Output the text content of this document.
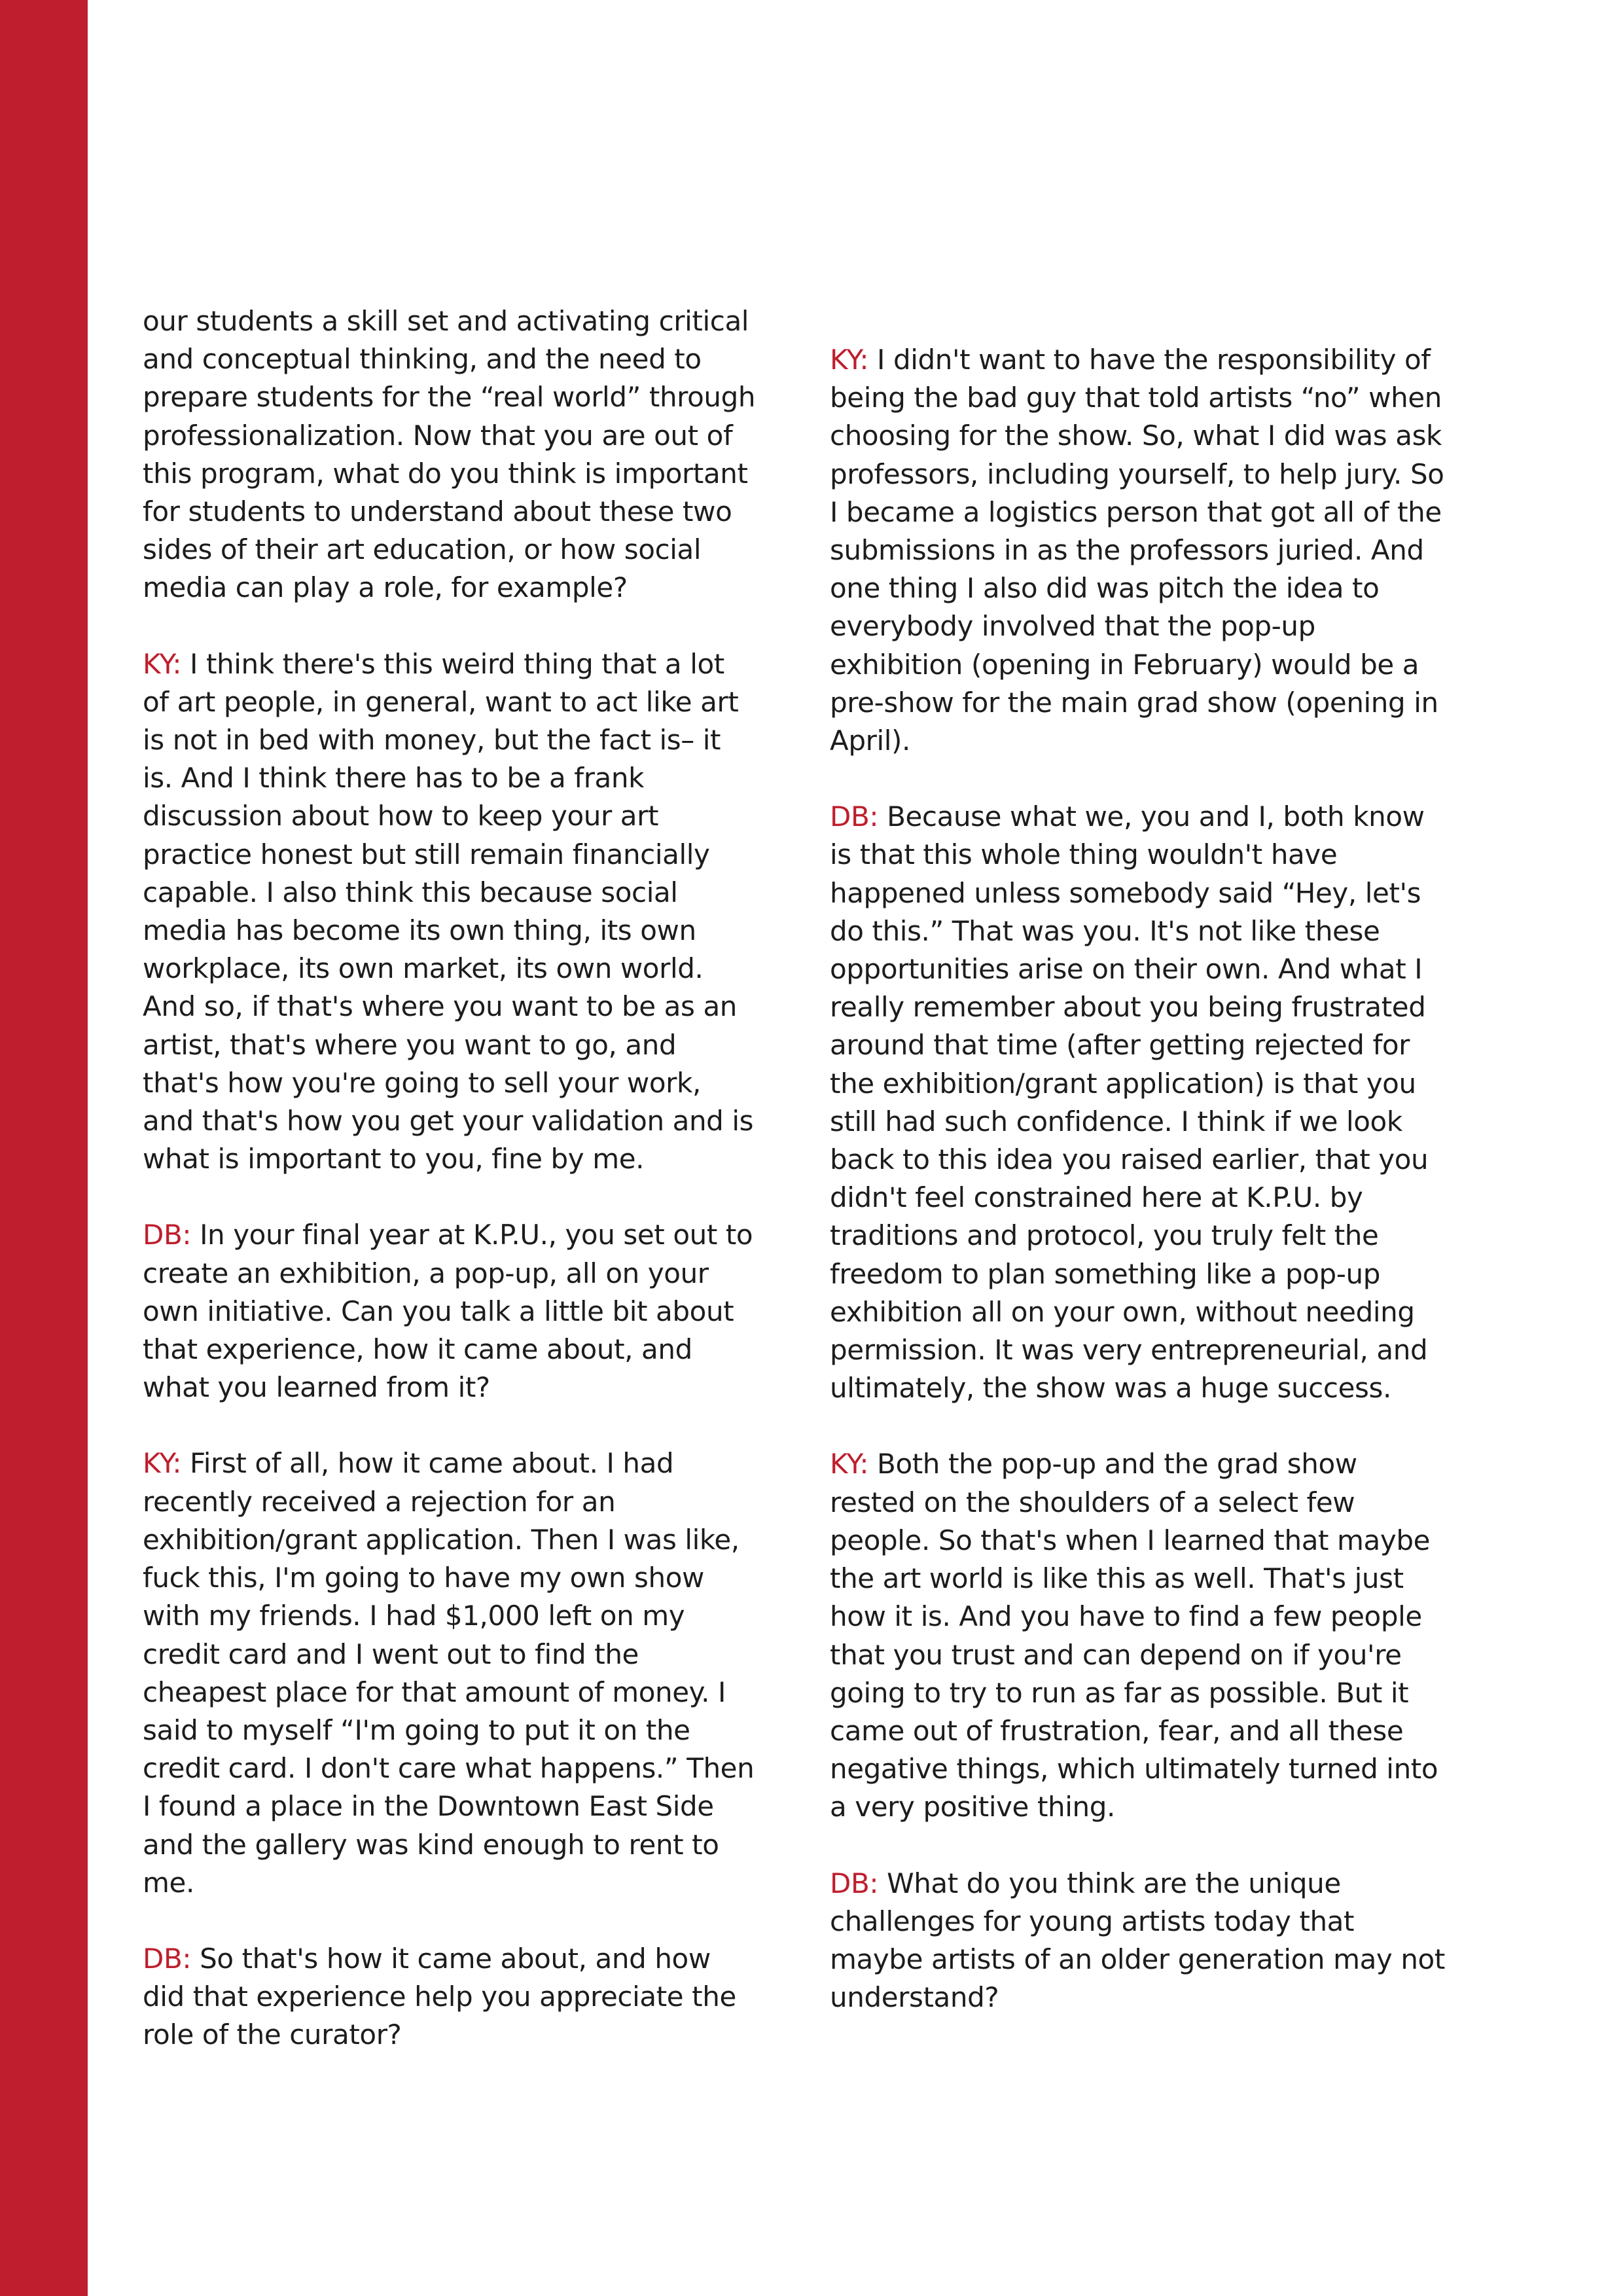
our students a skill set and activating critical and conceptual thinking, and the need to prepare students for the “real world” through professionalization. Now that you are out of this program, what do you think is important for students to understand about these two sides of their art education, or how social media can play a role, for example?

KY: I think there's this weird thing that a lot of art people, in general, want to act like art is not in bed with money, but the fact is– it is. And I think there has to be a frank discussion about how to keep your art practice honest but still remain financially capable. I also think this because social media has become its own thing, its own workplace, its own market, its own world. And so, if that's where you want to be as an artist, that's where you want to go, and that's how you're going to sell your work, and that's how you get your validation and is what is important to you, fine by me.

DB: In your final year at K.P.U., you set out to create an exhibition, a pop-up, all on your own initiative. Can you talk a little bit about that experience, how it came about, and what you learned from it?

KY: First of all, how it came about. I had recently received a rejection for an exhibition/grant application. Then I was like, fuck this, I'm going to have my own show with my friends. I had $1,000 left on my credit card and I went out to find the cheapest place for that amount of money. I said to myself “I'm going to put it on the credit card. I don't care what happens.” Then I found a place in the Downtown East Side and the gallery was kind enough to rent to me.

DB: So that's how it came about, and how did that experience help you appreciate the role of the curator?

KY: I didn't want to have the responsibility of being the bad guy that told artists “no” when choosing for the show. So, what I did was ask professors, including yourself, to help jury. So I became a logistics person that got all of the submissions in as the professors juried. And one thing I also did was pitch the idea to everybody involved that the pop-up exhibition (opening in February) would be a pre-show for the main grad show (opening in April).

DB: Because what we, you and I, both know is that this whole thing wouldn't have happened unless somebody said “Hey, let's do this.” That was you. It's not like these opportunities arise on their own. And what I really remember about you being frustrated around that time (after getting rejected for the exhibition/grant application) is that you still had such confidence. I think if we look back to this idea you raised earlier, that you didn't feel constrained here at K.P.U. by traditions and protocol, you truly felt the freedom to plan something like a pop-up exhibition all on your own, without needing permission. It was very entrepreneurial, and ultimately, the show was a huge success.

KY: Both the pop-up and the grad show rested on the shoulders of a select few people. So that's when I learned that maybe the art world is like this as well. That's just how it is. And you have to find a few people that you trust and can depend on if you're going to try to run as far as possible. But it came out of frustration, fear, and all these negative things, which ultimately turned into a very positive thing.

DB: What do you think are the unique challenges for young artists today that maybe artists of an older generation may not understand?
